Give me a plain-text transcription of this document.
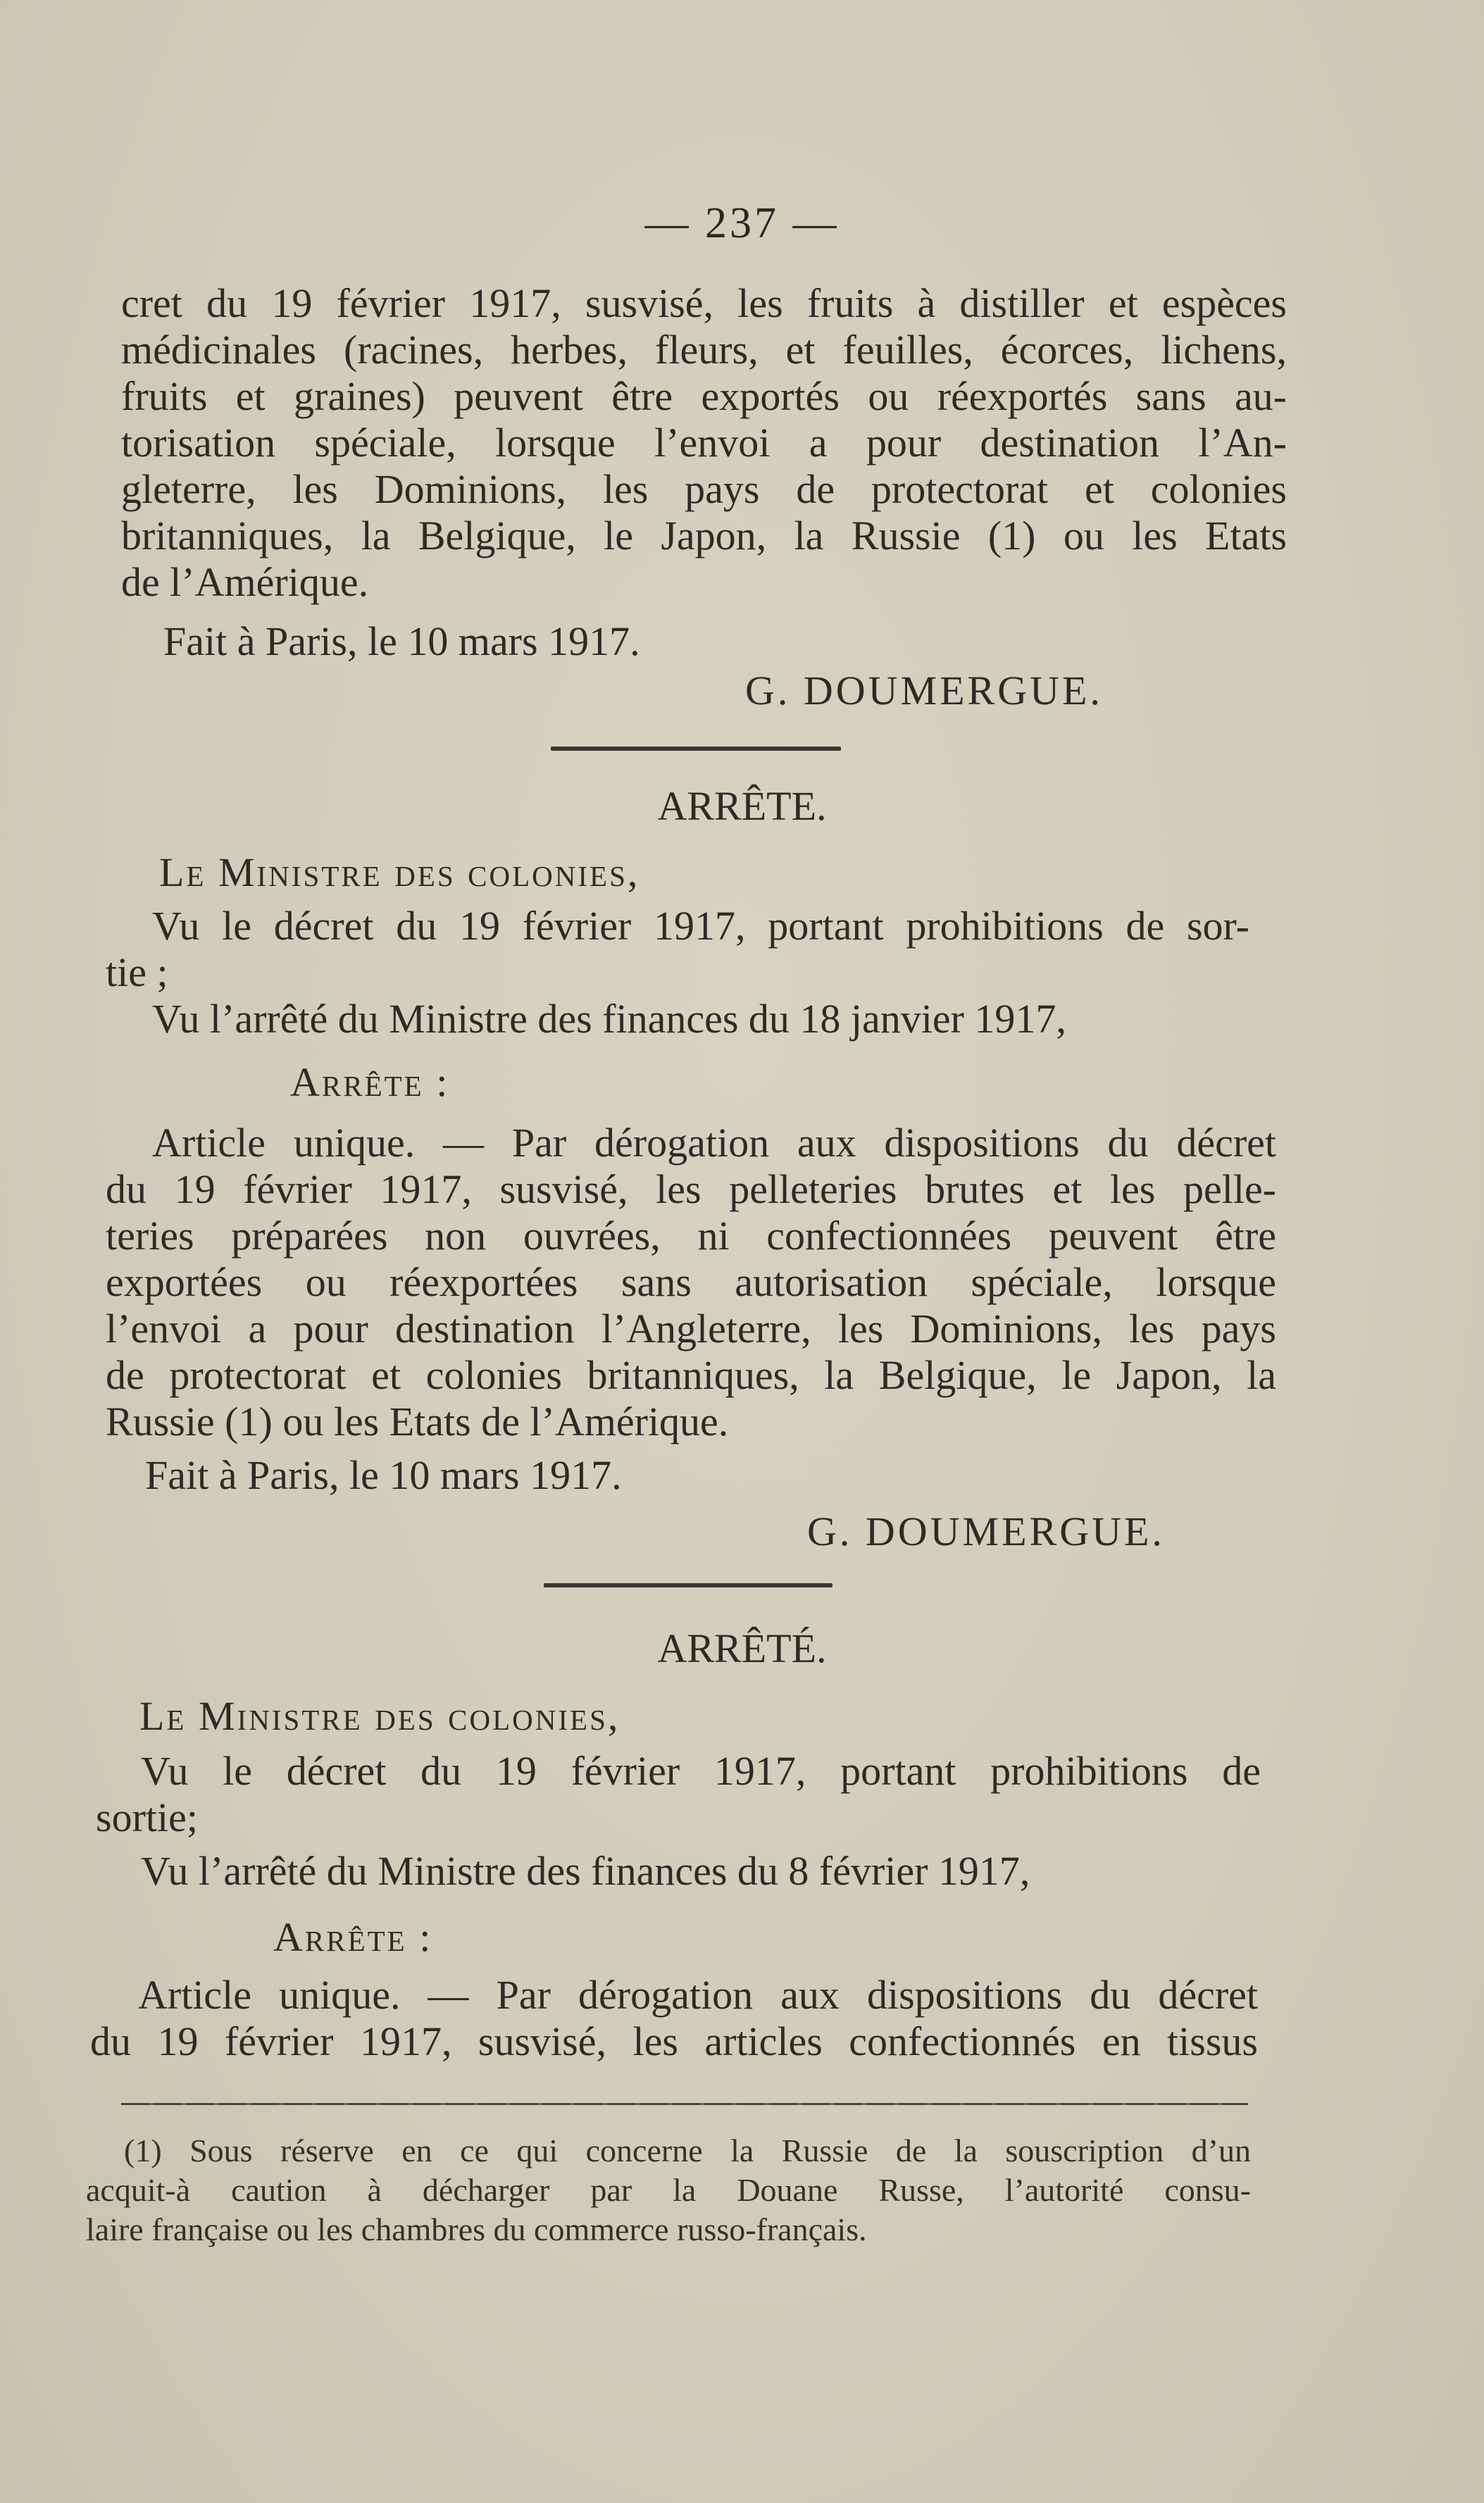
— 237 —
cret du 19 février 1917, susvisé, les fruits à distiller et espèces
médicinales (racines, herbes, fleurs, et feuilles, écorces, lichens,
fruits et graines) peuvent être exportés ou réexportés sans au-
torisation spéciale, lorsque l’envoi a pour destination l’An-
gleterre, les Dominions, les pays de protectorat et colonies
britanniques, la Belgique, le Japon, la Russie (1) ou les Etats
de l’Amérique.
Fait à Paris, le 10 mars 1917.
G. DOUMERGUE.
ARRÊTE.
Le Ministre des colonies,
Vu le décret du 19 février 1917, portant prohibitions de sor-
tie ;
Vu l’arrêté du Ministre des finances du 18 janvier 1917,
Arrête :
Article unique. — Par dérogation aux dispositions du décret
du 19 février 1917, susvisé, les pelleteries brutes et les pelle-
teries préparées non ouvrées, ni confectionnées peuvent être
exportées ou réexportées sans autorisation spéciale, lorsque
l’envoi a pour destination l’Angleterre, les Dominions, les pays
de protectorat et colonies britanniques, la Belgique, le Japon, la
Russie (1) ou les Etats de l’Amérique.
Fait à Paris, le 10 mars 1917.
G. DOUMERGUE.
ARRÊTÉ.
Le Ministre des colonies,
Vu le décret du 19 février 1917, portant prohibitions de
sortie;
Vu l’arrêté du Ministre des finances du 8 février 1917,
Arrête :
Article unique. — Par dérogation aux dispositions du décret
du 19 février 1917, susvisé, les articles confectionnés en tissus
(1) Sous réserve en ce qui concerne la Russie de la souscription d’un
acquit-à caution à décharger par la Douane Russe, l’autorité consu-
laire française ou les chambres du commerce russo-français.
